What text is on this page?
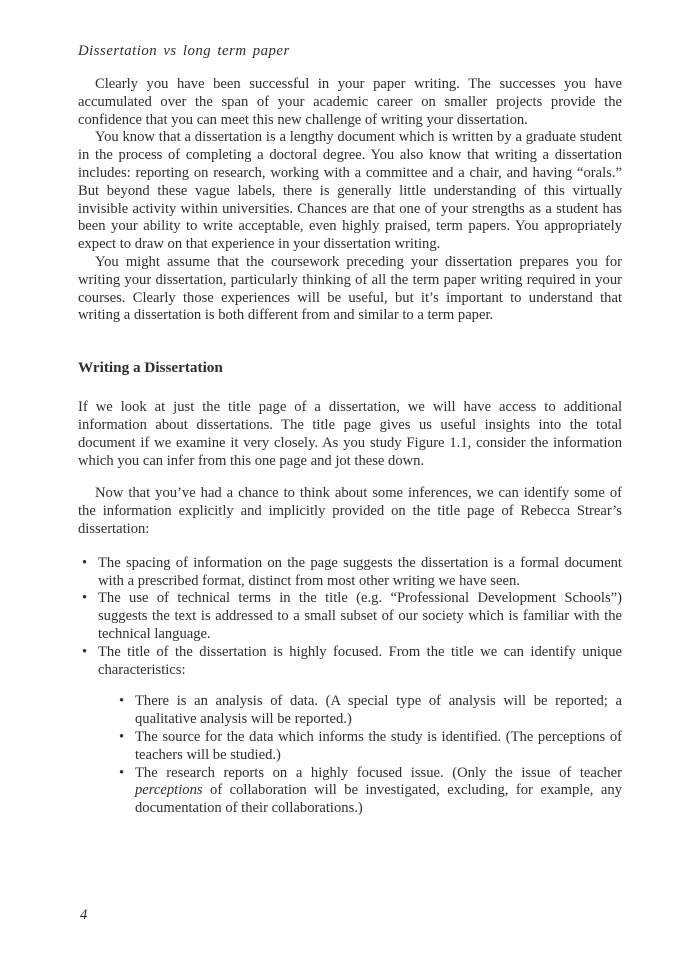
Dissertation vs long term paper

Clearly you have been successful in your paper writing. The successes you have accumulated over the span of your academic career on smaller projects provide the confidence that you can meet this new challenge of writing your dissertation.

You know that a dissertation is a lengthy document which is written by a graduate student in the process of completing a doctoral degree. You also know that writing a dissertation includes: reporting on research, working with a committee and a chair, and having “orals.” But beyond these vague labels, there is generally little understanding of this virtually invisible activity within universities. Chances are that one of your strengths as a student has been your ability to write acceptable, even highly praised, term papers. You appropriately expect to draw on that experience in your dissertation writing.

You might assume that the coursework preceding your dissertation prepares you for writing your dissertation, particularly thinking of all the term paper writing required in your courses. Clearly those experiences will be useful, but it’s important to understand that writing a dissertation is both different from and similar to a term paper.

Writing a Dissertation

If we look at just the title page of a dissertation, we will have access to additional information about dissertations. The title page gives us useful insights into the total document if we examine it very closely. As you study Figure 1.1, consider the information which you can infer from this one page and jot these down.

Now that you’ve had a chance to think about some inferences, we can identify some of the information explicitly and implicitly provided on the title page of Rebecca Strear’s dissertation:

• The spacing of information on the page suggests the dissertation is a formal document with a prescribed format, distinct from most other writing we have seen.
• The use of technical terms in the title (e.g. “Professional Development Schools”) suggests the text is addressed to a small subset of our society which is familiar with the technical language.
• The title of the dissertation is highly focused. From the title we can identify unique characteristics:
• There is an analysis of data. (A special type of analysis will be reported; a qualitative analysis will be reported.)
• The source for the data which informs the study is identified. (The perceptions of teachers will be studied.)
• The research reports on a highly focused issue. (Only the issue of teacher perceptions of collaboration will be investigated, excluding, for example, any documentation of their collaborations.)
4
